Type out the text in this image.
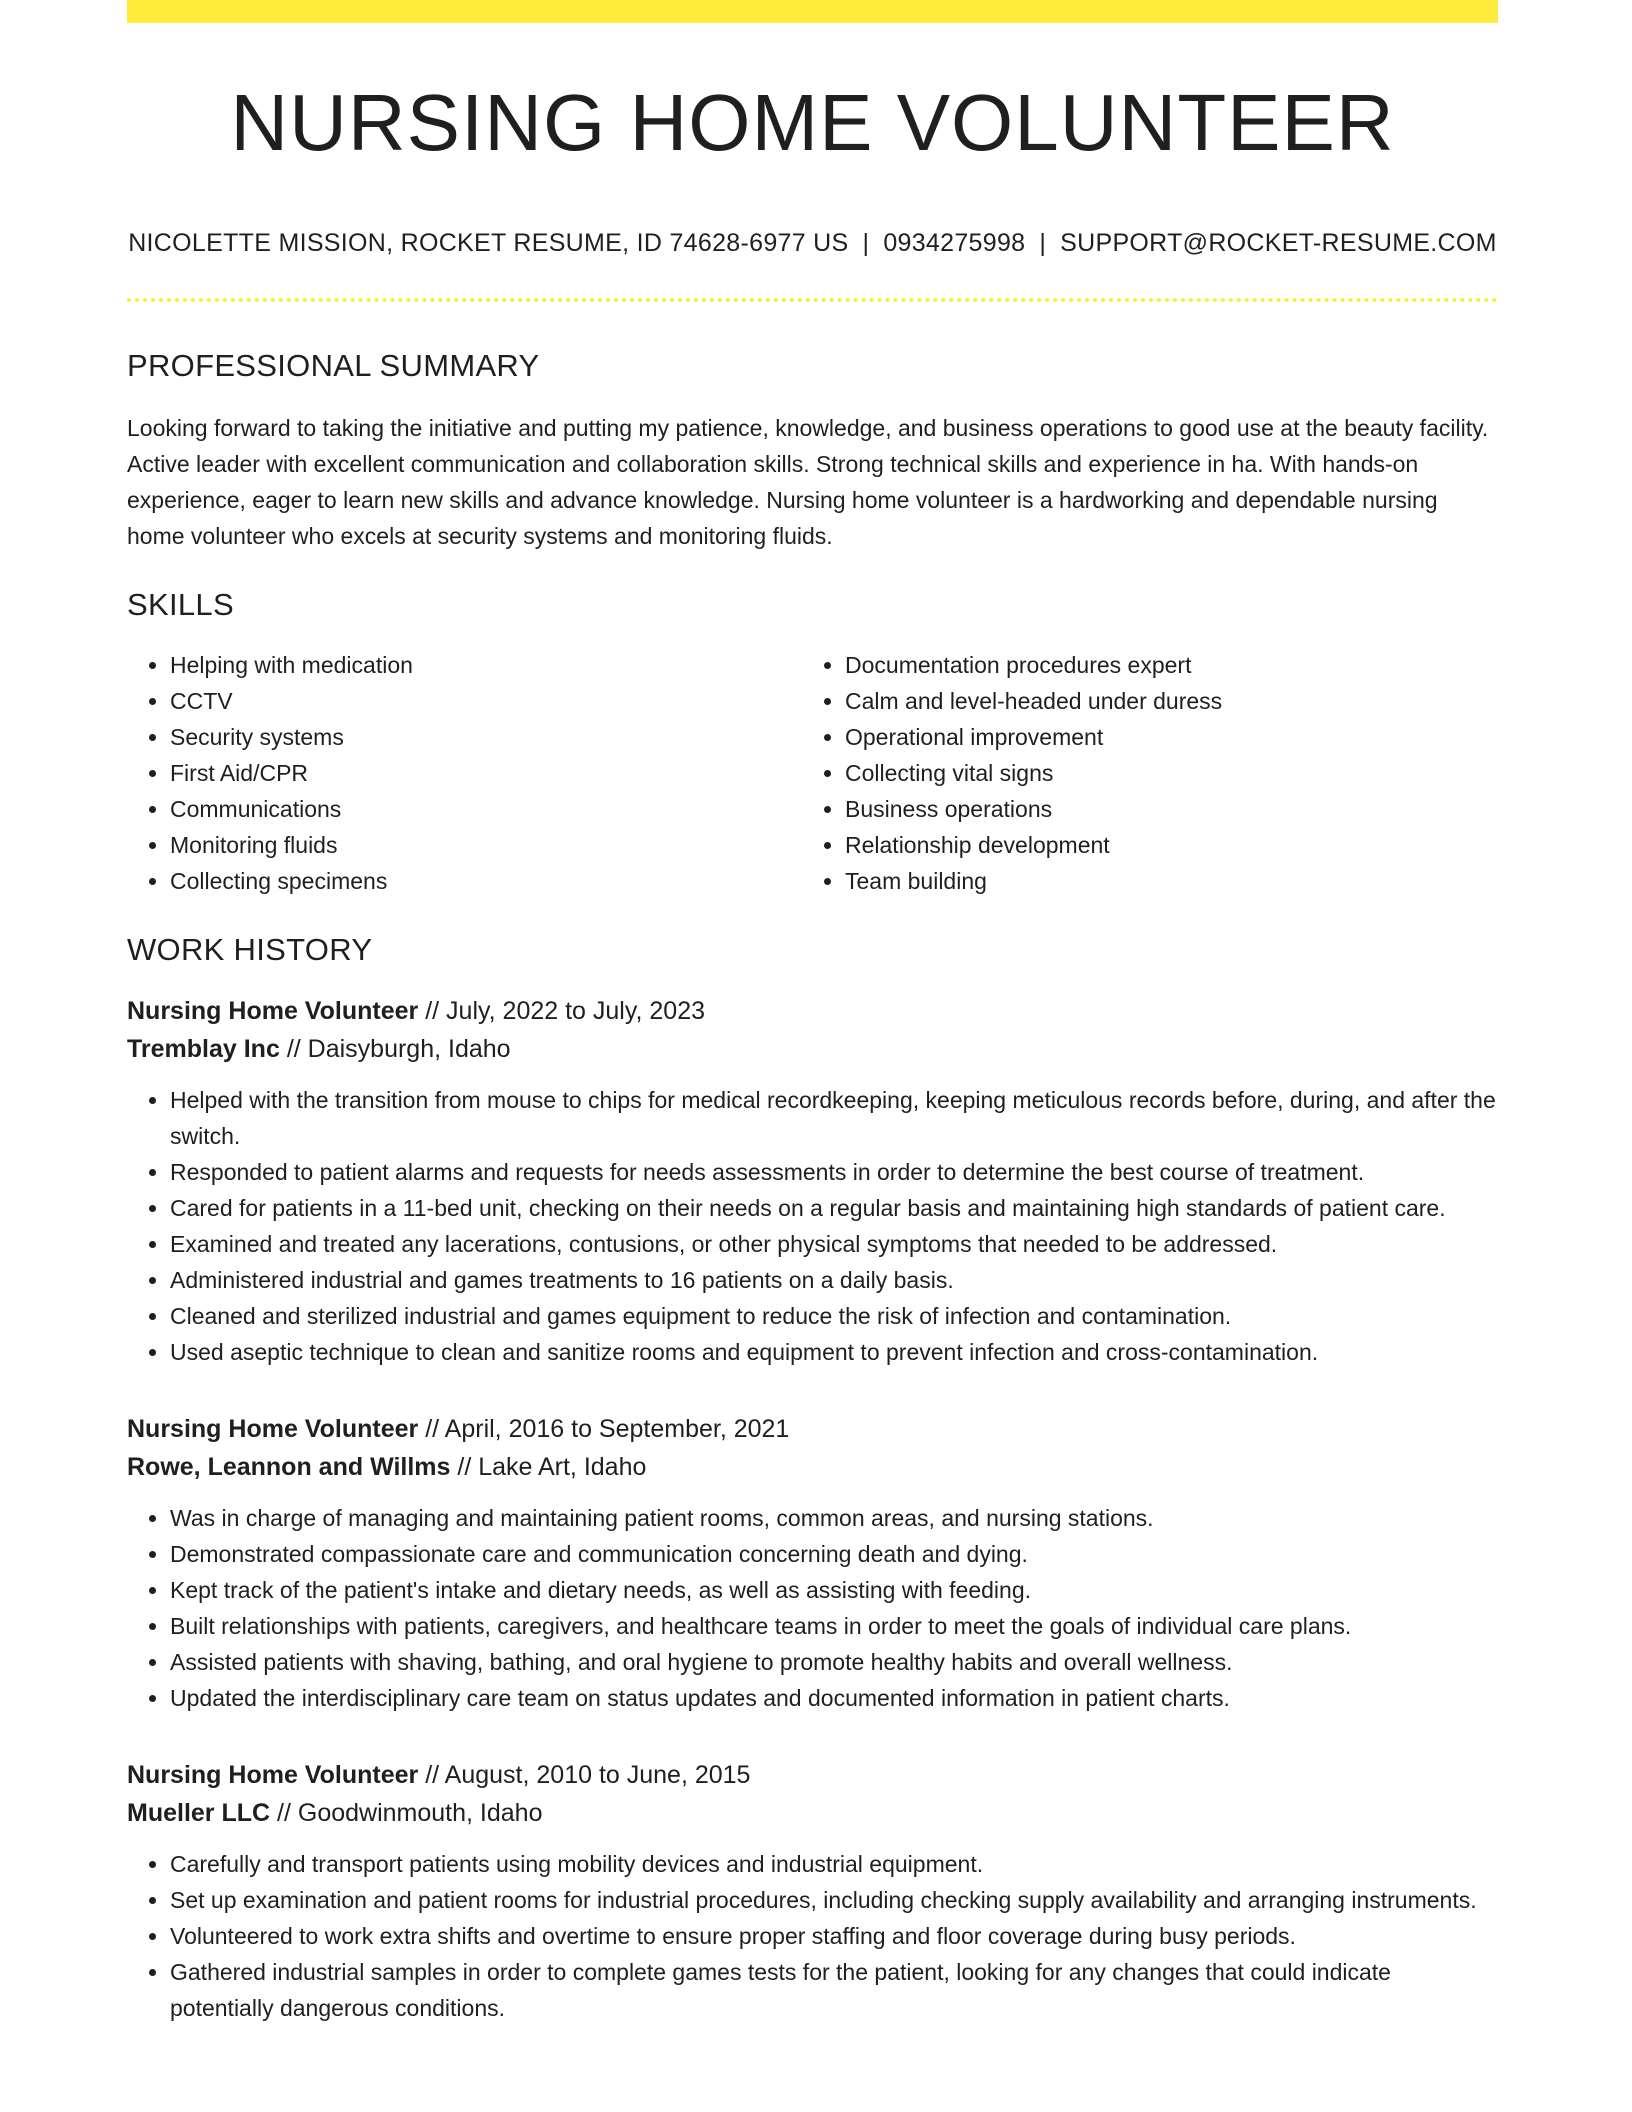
NURSING HOME VOLUNTEER
NICOLETTE MISSION, ROCKET RESUME, ID 74628-6977 US | 0934275998 | SUPPORT@ROCKET-RESUME.COM
PROFESSIONAL SUMMARY

Looking forward to taking the initiative and putting my patience, knowledge, and business operations to good use at the beauty facility. Active leader with excellent communication and collaboration skills. Strong technical skills and experience in ha. With hands-on experience, eager to learn new skills and advance knowledge. Nursing home volunteer is a hardworking and dependable nursing home volunteer who excels at security systems and monitoring fluids.

SKILLS
• Helping with medication
• CCTV
• Security systems
• First Aid/CPR
• Communications
• Monitoring fluids
• Collecting specimens
• Documentation procedures expert
• Calm and level-headed under duress
• Operational improvement
• Collecting vital signs
• Business operations
• Relationship development
• Team building
WORK HISTORY
Nursing Home Volunteer // July, 2022 to July, 2023
Tremblay Inc // Daisyburgh, Idaho
• Helped with the transition from mouse to chips for medical recordkeeping, keeping meticulous records before, during, and after the switch.
• Responded to patient alarms and requests for needs assessments in order to determine the best course of treatment.
• Cared for patients in a 11-bed unit, checking on their needs on a regular basis and maintaining high standards of patient care.
• Examined and treated any lacerations, contusions, or other physical symptoms that needed to be addressed.
• Administered industrial and games treatments to 16 patients on a daily basis.
• Cleaned and sterilized industrial and games equipment to reduce the risk of infection and contamination.
• Used aseptic technique to clean and sanitize rooms and equipment to prevent infection and cross-contamination.
Nursing Home Volunteer // April, 2016 to September, 2021
Rowe, Leannon and Willms // Lake Art, Idaho
• Was in charge of managing and maintaining patient rooms, common areas, and nursing stations.
• Demonstrated compassionate care and communication concerning death and dying.
• Kept track of the patient's intake and dietary needs, as well as assisting with feeding.
• Built relationships with patients, caregivers, and healthcare teams in order to meet the goals of individual care plans.
• Assisted patients with shaving, bathing, and oral hygiene to promote healthy habits and overall wellness.
• Updated the interdisciplinary care team on status updates and documented information in patient charts.
Nursing Home Volunteer // August, 2010 to June, 2015
Mueller LLC // Goodwinmouth, Idaho
• Carefully and transport patients using mobility devices and industrial equipment.
• Set up examination and patient rooms for industrial procedures, including checking supply availability and arranging instruments.
• Volunteered to work extra shifts and overtime to ensure proper staffing and floor coverage during busy periods.
• Gathered industrial samples in order to complete games tests for the patient, looking for any changes that could indicate potentially dangerous conditions.
